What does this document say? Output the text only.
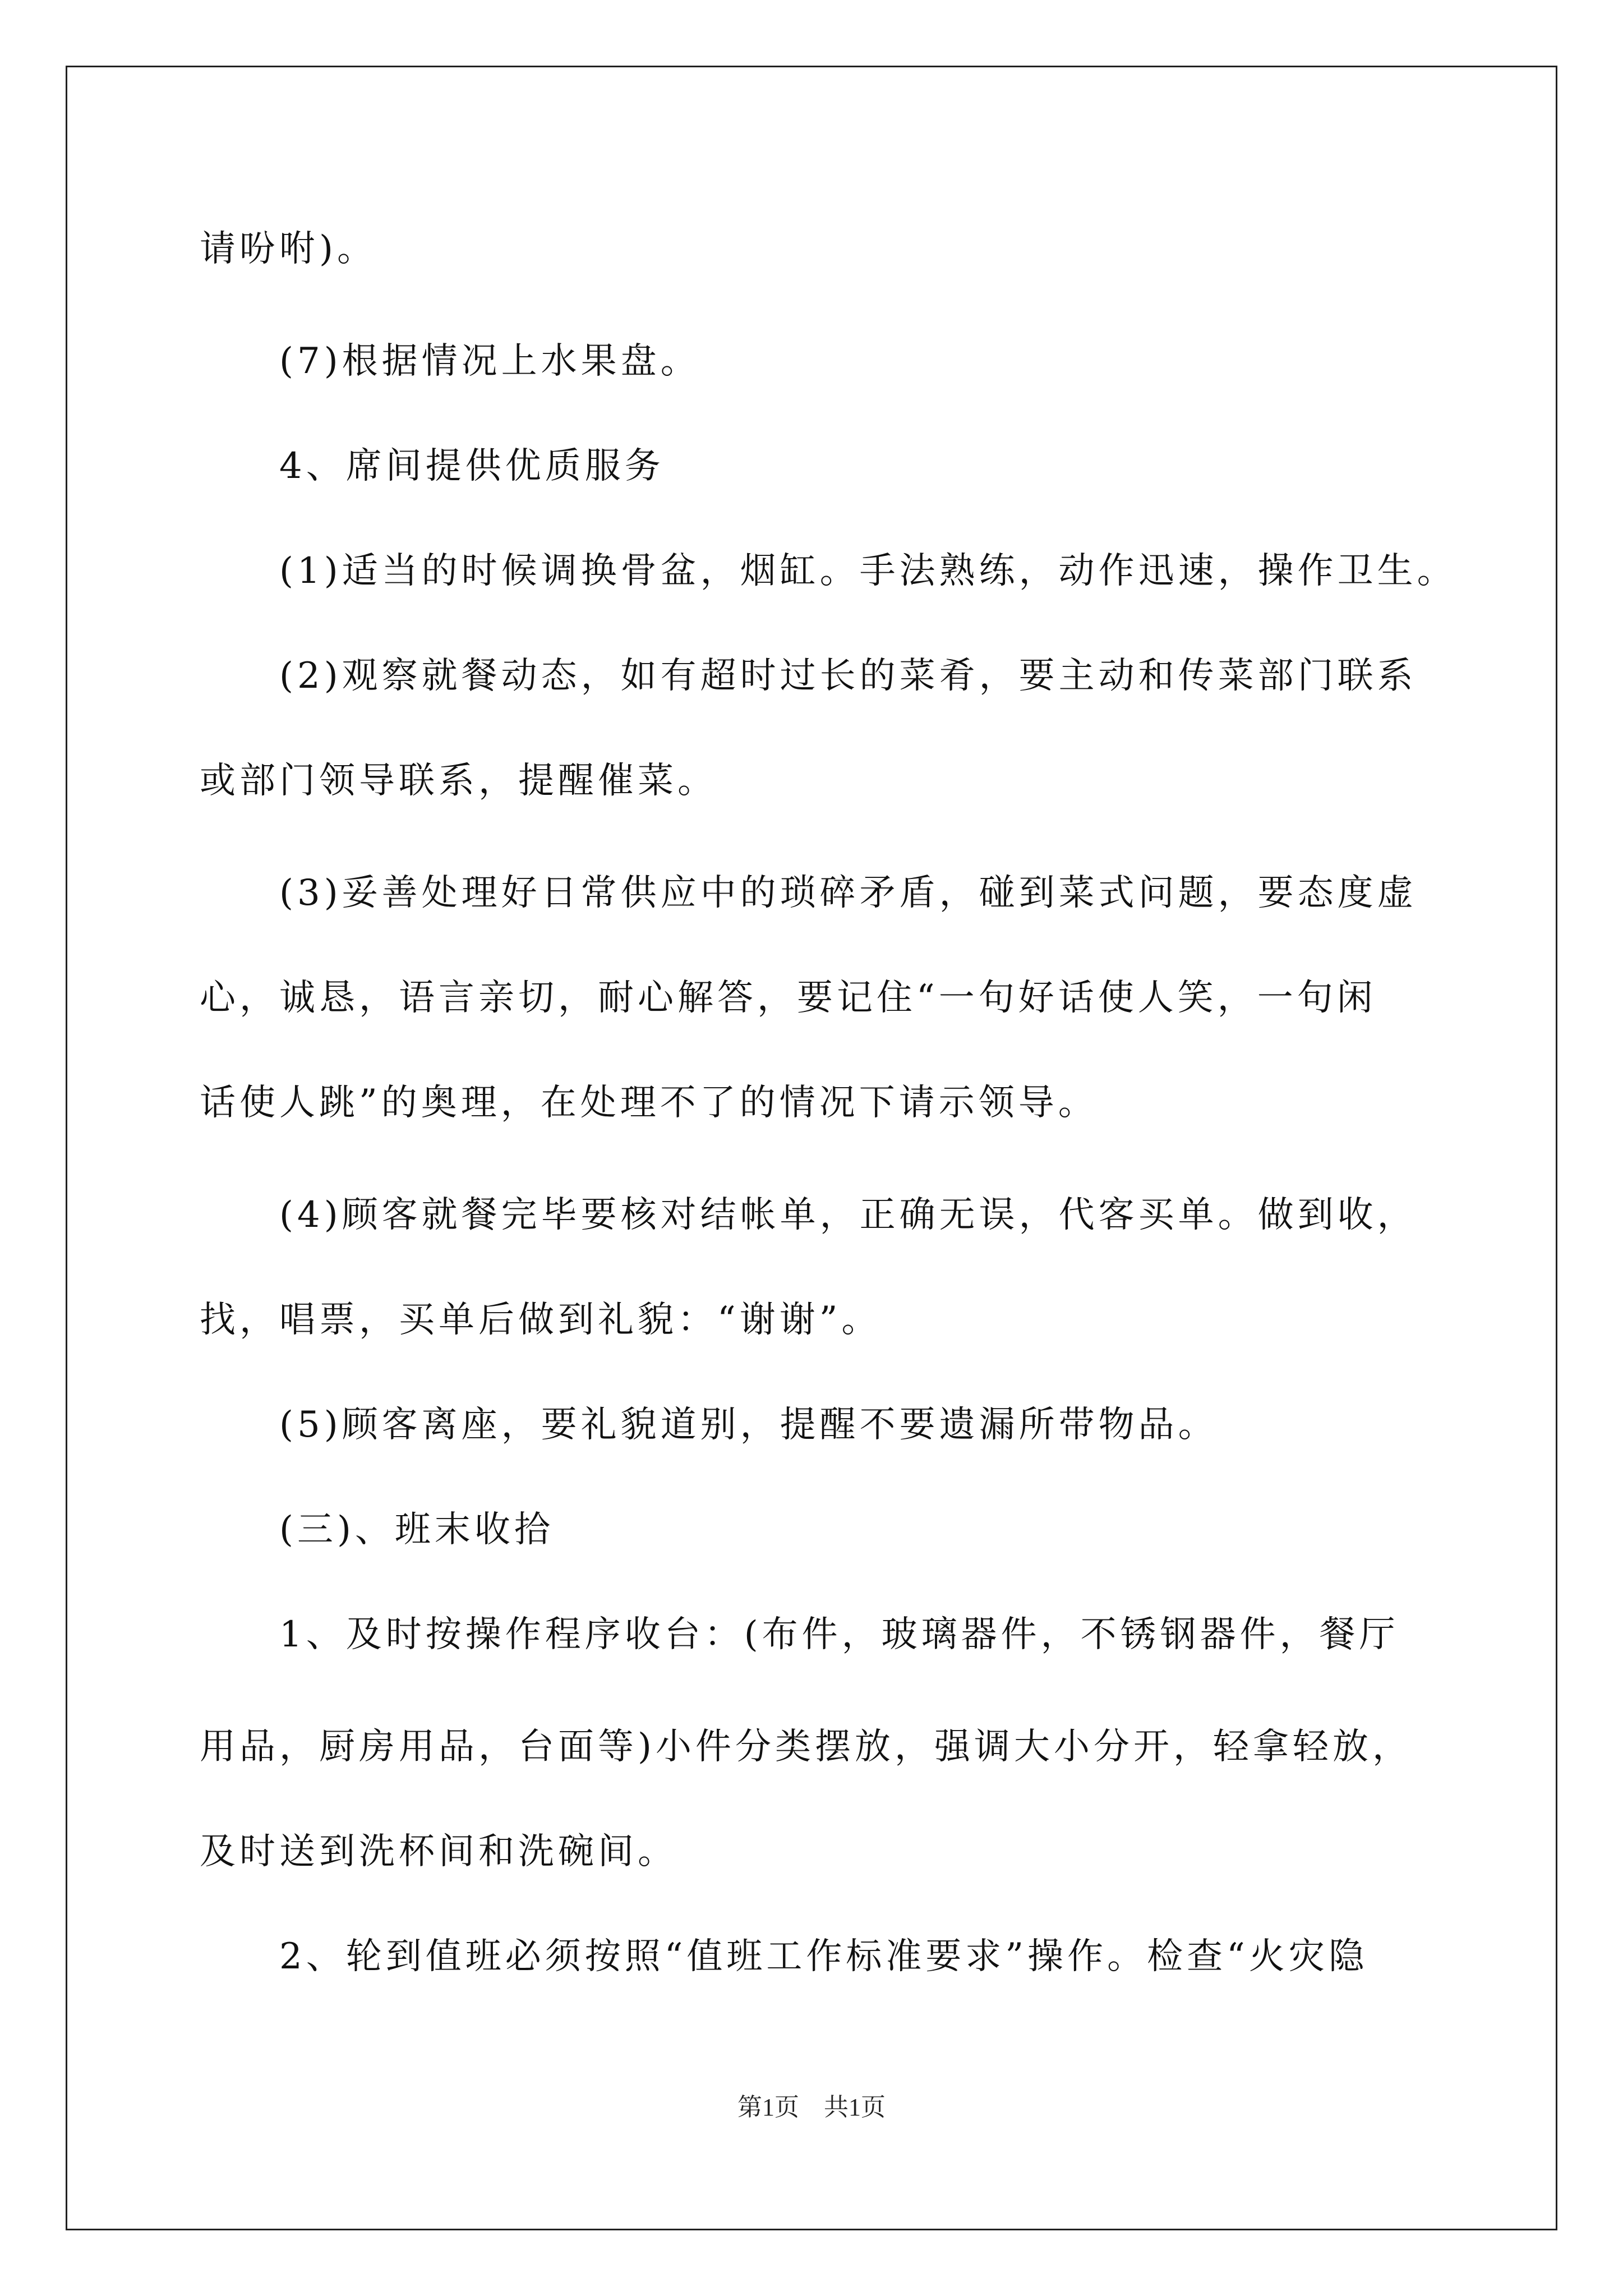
请吩咐)。
(7)根据情况上水果盘。
4、席间提供优质服务
(1)适当的时候调换骨盆，烟缸。手法熟练，动作迅速，操作卫生。
(2)观察就餐动态，如有超时过长的菜肴，要主动和传菜部门联系
或部门领导联系，提醒催菜。
(3)妥善处理好日常供应中的琐碎矛盾，碰到菜式问题，要态度虚
心，诚恳，语言亲切，耐心解答，要记住“一句好话使人笑，一句闲
话使人跳”的奥理，在处理不了的情况下请示领导。
(4)顾客就餐完毕要核对结帐单，正确无误，代客买单。做到收，
找，唱票，买单后做到礼貌：“谢谢”。
(5)顾客离座，要礼貌道别，提醒不要遗漏所带物品。
(三)、班末收拾
1、及时按操作程序收台：(布件，玻璃器件，不锈钢器件，餐厅
用品，厨房用品，台面等)小件分类摆放，强调大小分开，轻拿轻放，
及时送到洗杯间和洗碗间。
2、轮到值班必须按照“值班工作标准要求”操作。检查“火灾隐
第1页　共1页
